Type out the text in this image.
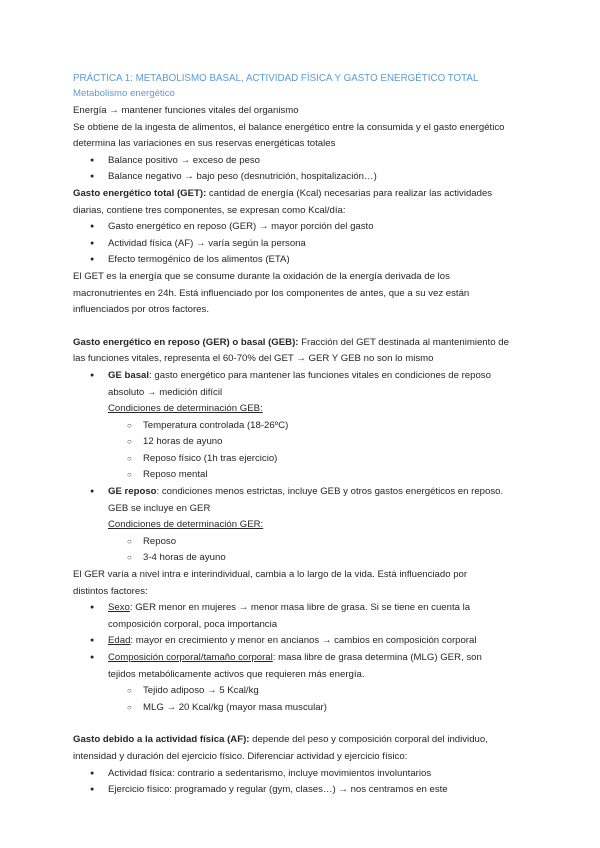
PRÁCTICA 1: METABOLISMO BASAL, ACTIVIDAD FÍSICA Y GASTO ENERGÉTICO TOTAL

Metabolismo energético

Energía → mantener funciones vitales del organismo

Se obtiene de la ingesta de alimentos, el balance energético entre la consumida y el gasto energético

determina las variaciones en sus reservas energéticas totales

● Balance positivo → exceso de peso
● Balance negativo → bajo peso (desnutrición, hospitalización…)

Gasto energético total (GET): cantidad de energía (Kcal) necesarias para realizar las actividades

diarias, contiene tres componentes, se expresan como Kcal/día:

● Gasto energético en reposo (GER) → mayor porción del gasto
● Actividad física (AF) → varía según la persona
● Efecto termogénico de los alimentos (ETA)

El GET es la energía que se consume durante la oxidación de la energía derivada de los

macronutrientes en 24h. Está influenciado por los componentes de antes, que a su vez están

influenciados por otros factores.

Gasto energético en reposo (GER) o basal (GEB): Fracción del GET destinada al mantenimiento de

las funciones vitales, representa el 60-70% del GET → GER Y GEB no son lo mismo

● GE basal: gasto energético para mantener las funciones vitales en condiciones de reposo
absoluto → medición difícil
Condiciones de determinación GEB:
○ Temperatura controlada (18-26ºC)
○ 12 horas de ayuno
○ Reposo físico (1h tras ejercicio)
○ Reposo mental
● GE reposo: condiciones menos estrictas, incluye GEB y otros gastos energéticos en reposo.
GEB se incluye en GER
Condiciones de determinación GER:
○ Reposo
○ 3-4 horas de ayuno

El GER varía a nivel intra e interindividual, cambia a lo largo de la vida. Está influenciado por

distintos factores:

● Sexo: GER menor en mujeres → menor masa libre de grasa. Si se tiene en cuenta la
composición corporal, poca importancia
● Edad: mayor en crecimiento y menor en ancianos → cambios en composición corporal
● Composición corporal/tamaño corporal: masa libre de grasa determina (MLG) GER, son
tejidos metabólicamente activos que requieren más energía.
○ Tejido adiposo → 5 Kcal/kg
○ MLG → 20 Kcal/kg (mayor masa muscular)

Gasto debido a la actividad física (AF): depende del peso y composición corporal del individuo,

intensidad y duración del ejercicio físico. Diferenciar actividad y ejercicio físico:

● Actividad física: contrario a sedentarismo, incluye movimientos involuntarios
● Ejercicio físico: programado y regular (gym, clases…) → nos centramos en este
